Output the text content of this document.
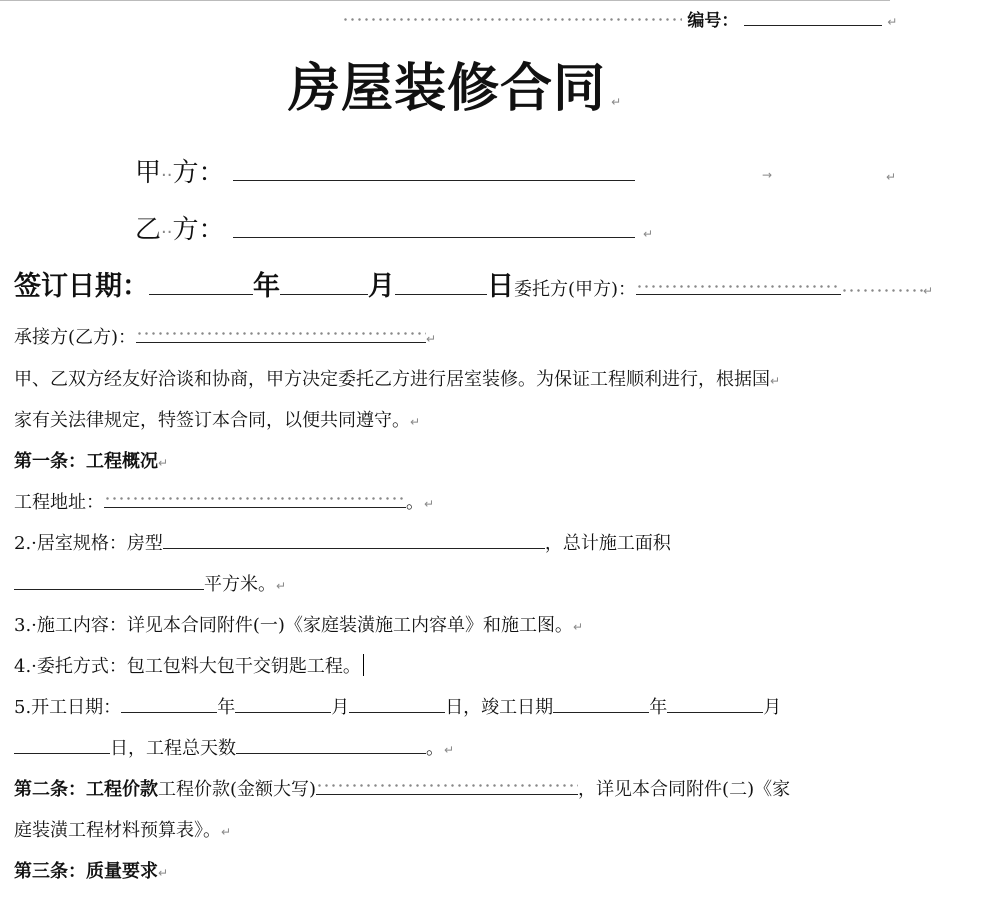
编号：	↵
房屋装修合同 ↵
甲··方：	→	↵
乙··方：	↵
签订日期：	年	月	日委托方(甲方)：	↵
承接方(乙方)：	↵
甲、乙双方经友好洽谈和协商，甲方决定委托乙方进行居室装修。为保证工程顺利进行，根据国↵
家有关法律规定，特签订本合同，以便共同遵守。↵
第一条：工程概况↵
工程地址：	。↵
2.·居室规格：房型	，总计施工面积
平方米。↵
3.·施工内容：详见本合同附件(一)《家庭装潢施工内容单》和施工图。↵
4.·委托方式：包工包料大包干交钥匙工程。
5.开工日期：	年	月	日，竣工日期	年	月
日，工程总天数	。↵
第二条：工程价款工程价款(金额大写)	，详见本合同附件(二)《家
庭装潢工程材料预算表》。↵
第三条：质量要求↵
